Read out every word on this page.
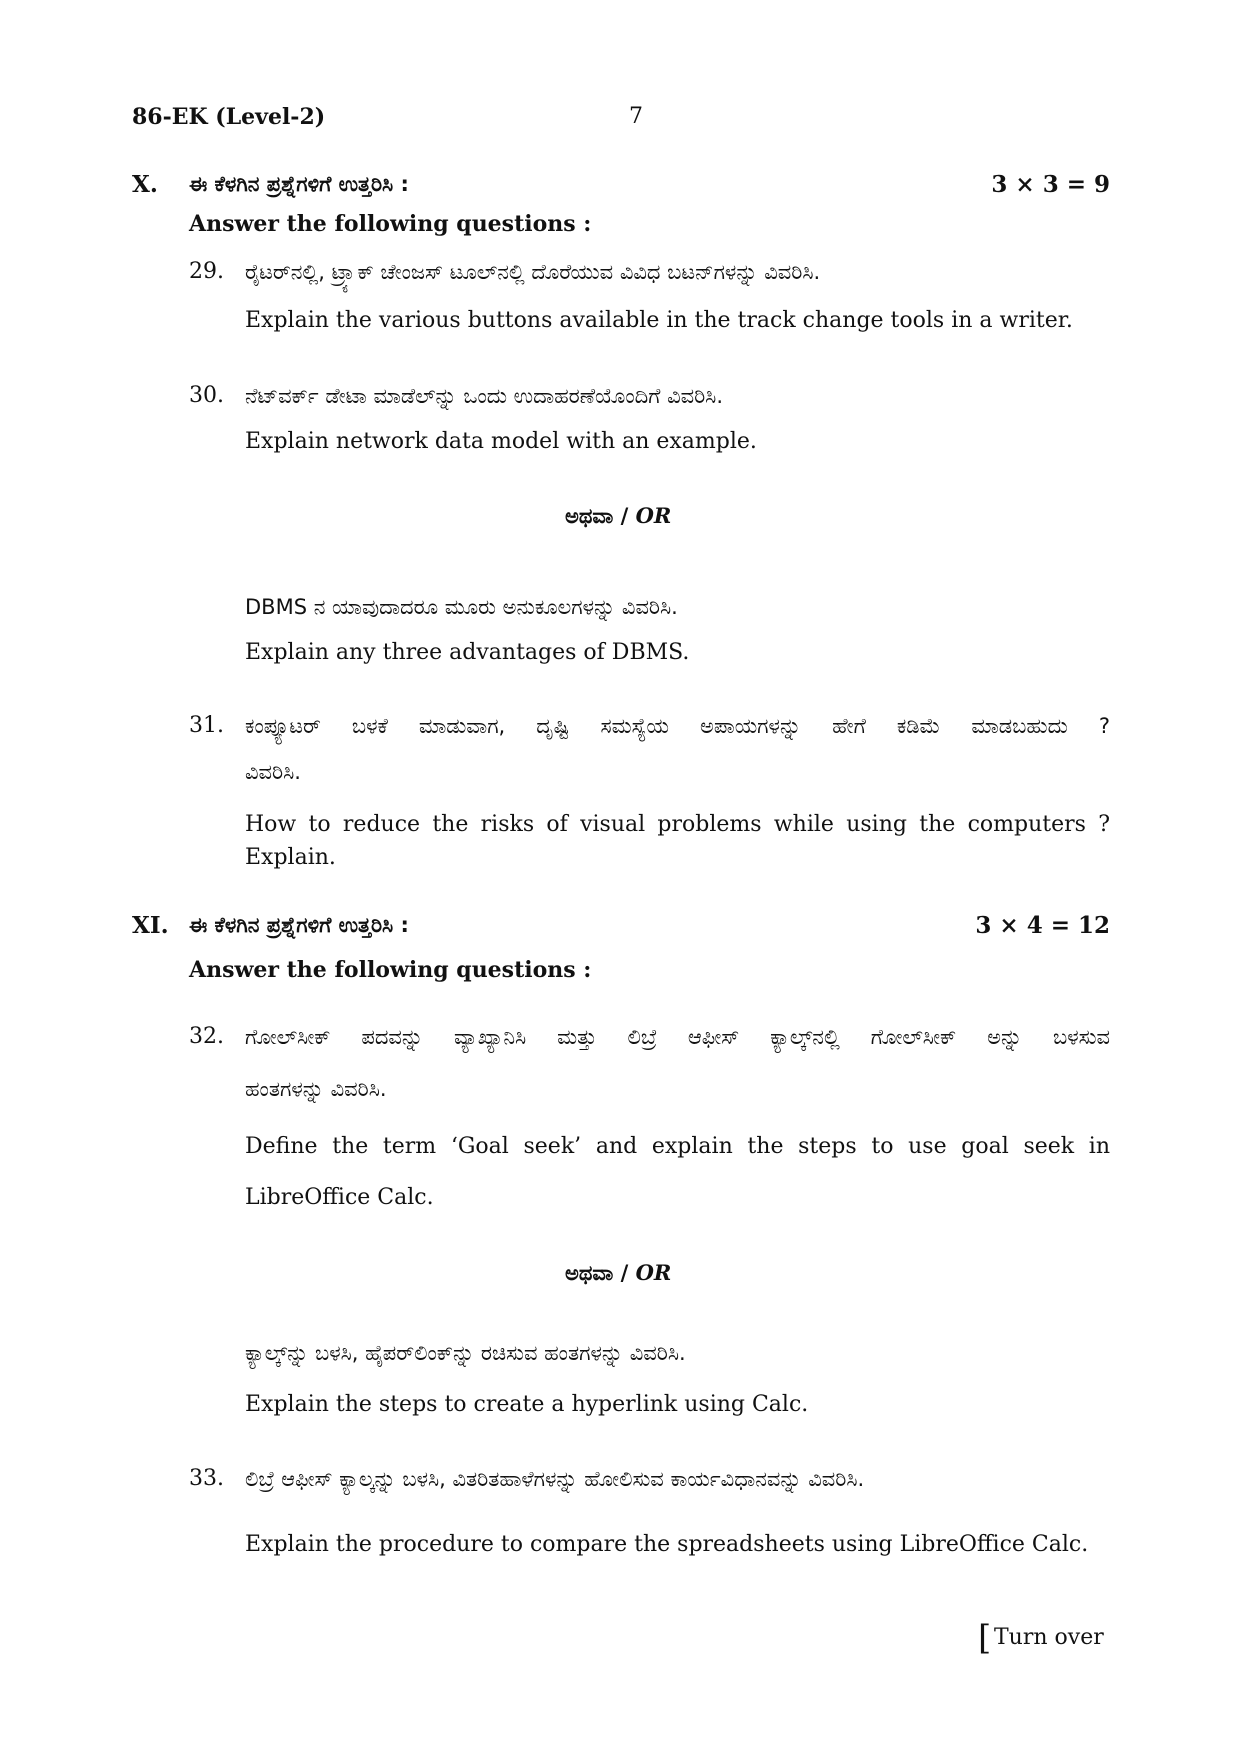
86-EK (Level-2)	7
X. ಈ ಕೆಳಗಿನ ಪ್ರಶ್ನೆಗಳಿಗೆ ಉತ್ತರಿಸಿ :	3 × 3 = 9
Answer the following questions :
29. ರೈಟರ್‌ನಲ್ಲಿ, ಟ್ರ್ಯಾಕ್ ಚೇಂಜಸ್ ಟೂಲ್‌ನಲ್ಲಿ ದೊರೆಯುವ ವಿವಿಧ ಬಟನ್‌ಗಳನ್ನು ವಿವರಿಸಿ.
Explain the various buttons available in the track change tools in a writer.
30. ನೆಟ್‌ವರ್ಕ್ ಡೇಟಾ ಮಾಡೆಲ್‌ನ್ನು ಒಂದು ಉದಾಹರಣೆಯೊಂದಿಗೆ ವಿವರಿಸಿ.
Explain network data model with an example.
ಅಥವಾ / OR
DBMS ನ ಯಾವುದಾದರೂ ಮೂರು ಅನುಕೂಲಗಳನ್ನು ವಿವರಿಸಿ.
Explain any three advantages of DBMS.
31. ಕಂಪ್ಯೂಟರ್ ಬಳಕೆ ಮಾಡುವಾಗ, ದೃಷ್ಟಿ ಸಮಸ್ಯೆಯ ಅಪಾಯಗಳನ್ನು ಹೇಗೆ ಕಡಿಮೆ ಮಾಡಬಹುದು ?
ವಿವರಿಸಿ.
How to reduce the risks of visual problems while using the computers ?
Explain.
XI. ಈ ಕೆಳಗಿನ ಪ್ರಶ್ನೆಗಳಿಗೆ ಉತ್ತರಿಸಿ :	3 × 4 = 12
Answer the following questions :
32. ಗೋಲ್‌ಸೀಕ್ ಪದವನ್ನು ವ್ಯಾಖ್ಯಾನಿಸಿ ಮತ್ತು ಲಿಬ್ರೆ ಆಫೀಸ್ ಕ್ಯಾಲ್ಕ್‌ನಲ್ಲಿ ಗೋಲ್‌ಸೀಕ್ ಅನ್ನು ಬಳಸುವ
ಹಂತಗಳನ್ನು ವಿವರಿಸಿ.
Define the term ‘Goal seek’ and explain the steps to use goal seek in
LibreOffice Calc.
ಅಥವಾ / OR
ಕ್ಯಾಲ್ಕ್‌ನ್ನು ಬಳಸಿ, ಹೈಪರ್‌ಲಿಂಕ್‌ನ್ನು ರಚಿಸುವ ಹಂತಗಳನ್ನು ವಿವರಿಸಿ.
Explain the steps to create a hyperlink using Calc.
33. ಲಿಬ್ರೆ ಆಫೀಸ್ ಕ್ಯಾಲ್ಕನ್ನು ಬಳಸಿ, ವಿತರಿತಹಾಳೆಗಳನ್ನು ಹೋಲಿಸುವ ಕಾರ್ಯವಿಧಾನವನ್ನು ವಿವರಿಸಿ.
Explain the procedure to compare the spreadsheets using LibreOffice Calc.
[ Turn over
